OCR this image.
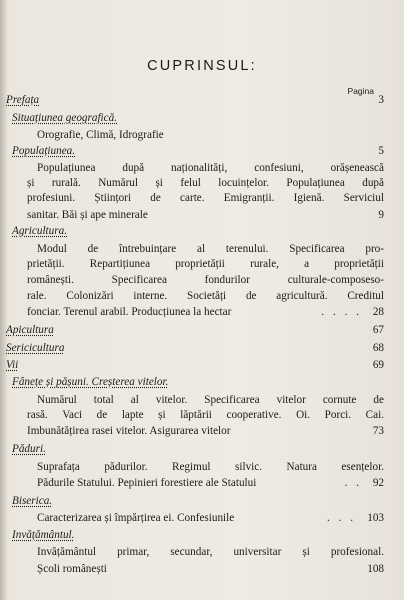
CUPRINSUL:
Pagina
Prefața	3
Situațiunea geografică.
Orografie, Climă, Idrografie
Populațiunea.	5
Populațiunea după naționalități, confesiuni, orășenească
și rurală. Numărul și felul locuințelor. Populațiunea după
profesiuni. Științori de carte. Emigranții. Igienă. Serviciul
sanitar. Băi și ape minerale	9
Agricultura.
Modul de întrebuințare al terenului. Specificarea pro-
prietății. Repartițiunea proprietății rurale, a proprietății
românești. Specificarea fondurilor culturale-composeso-
rale. Colonizări interne. Societăți de agricultură. Creditul
fonciar. Terenul arabil. Producțiunea la hectar	. . . . 28
Apicultura	67
Sericicultura	68
Vii	69
Fânețe și pășuni. Creșterea vitelor.
Numărul total al vitelor. Specificarea vitelor cornute de
rasă. Vaci de lapte și lăptării cooperative. Oi. Porci. Cai.
Imbunătățirea rasei vitelor. Asigurarea vitelor	73
Păduri.
Suprafața pădurilor. Regimul silvic. Natura esențelor.
Pădurile Statului. Pepinieri forestiere ale Statului	. . 92
Biserica.
Caracterizarea și împărțirea ei. Confesiunile	. . . 103
Invățământul.
Invățământul primar, secundar, universitar și profesional.
Școli românești	108
